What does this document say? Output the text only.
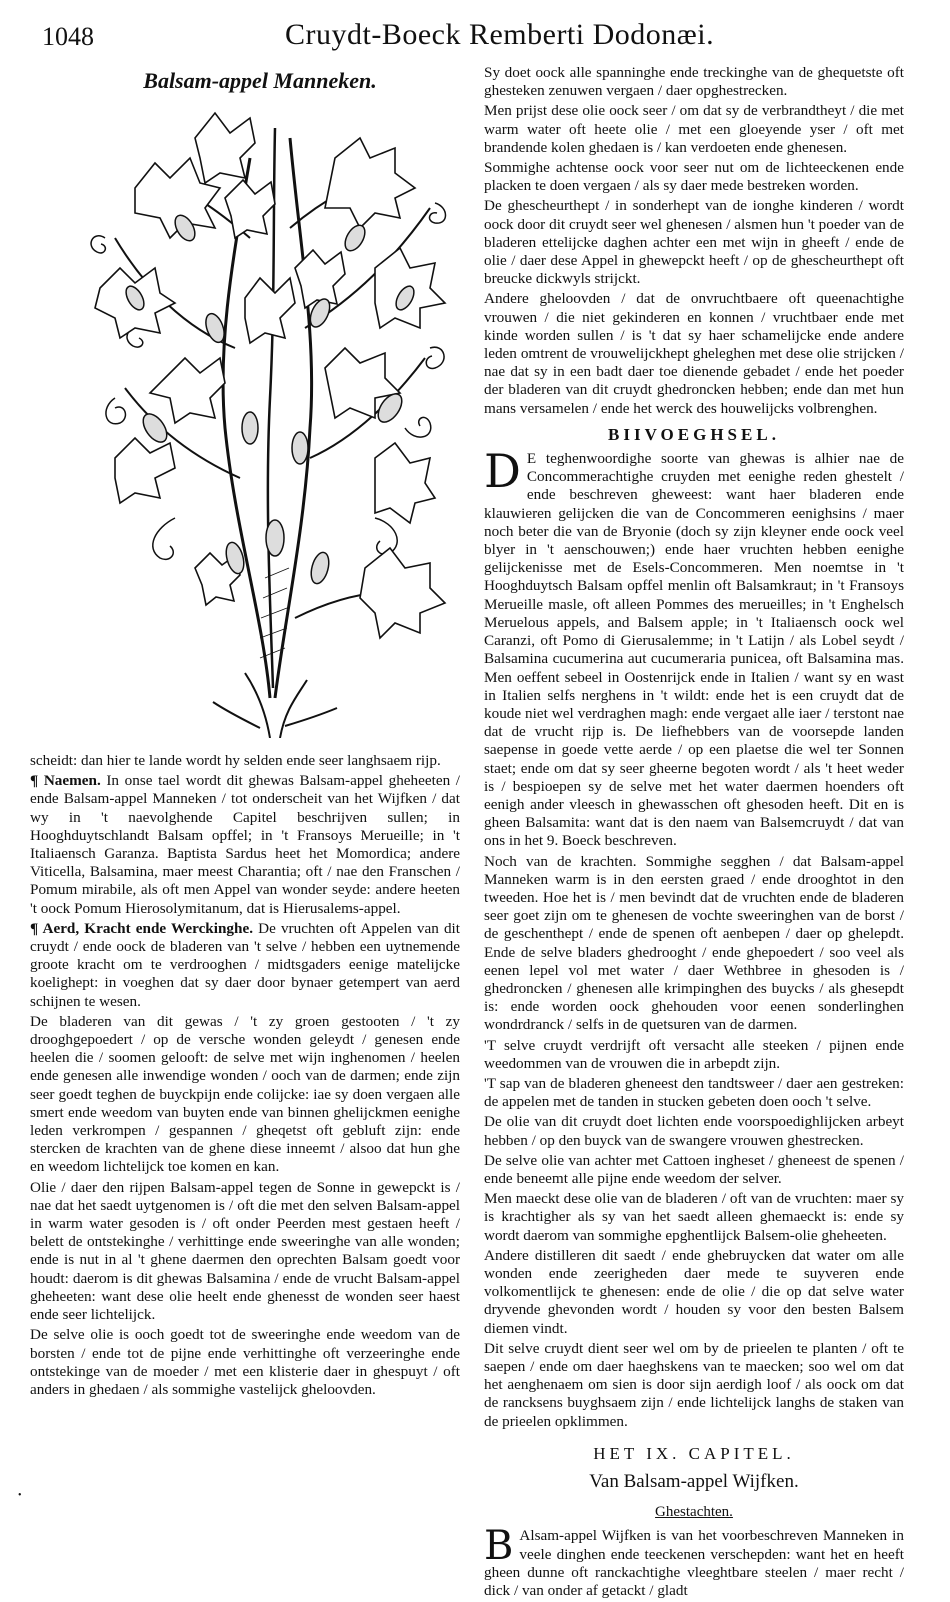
1048	Cruydt-Boeck Remberti Dodonæi.
Balsam-appel Manneken.

scheidt: dan hier te lande wordt hy selden ende seer langhsaem rijp.

¶ Naemen. In onse tael wordt dit ghewas Balsam-appel gheheeten / ende Balsam-appel Manneken / tot onderscheit van het Wijfken / dat wy in 't naevolghende Capitel beschrijven sullen; in Hooghduytschlandt Balsam opffel; in 't Fransoys Merueille; in 't Italiaensch Garanza. Baptista Sardus heet het Momordica; andere Viticella, Balsamina, maer meest Charantia; oft / nae den Franschen / Pomum mirabile, als oft men Appel van wonder seyde: andere heeten 't oock Pomum Hierosolymitanum, dat is Hierusalems-appel.

¶ Aerd, Kracht ende Werckinghe. De vruchten oft Appelen van dit cruydt / ende oock de bladeren van 't selve / hebben een uytnemende groote kracht om te verdrooghen / midtsgaders eenige matelijcke koelighept: in voeghen dat sy daer door bynaer getempert van aerd schijnen te wesen.

De bladeren van dit gewas / 't zy groen gestooten / 't zy drooghgepoedert / op de versche wonden geleydt / genesen ende heelen die / soomen gelooft: de selve met wijn inghenomen / heelen ende genesen alle inwendige wonden / ooch van de darmen; ende zijn seer goedt teghen de buyckpijn ende colijcke: iae sy doen vergaen alle smert ende weedom van buyten ende van binnen ghelijckmen eenighe leden verkrompen / gespannen / gheqetst oft gebluft zijn: ende stercken de krachten van de ghene diese inneemt / alsoo dat hun ghe en weedom lichtelijck toe komen en kan.

Olie / daer den rijpen Balsam-appel tegen de Sonne in gewepckt is / nae dat het saedt uytgenomen is / oft die met den selven Balsam-appel in warm water gesoden is / oft onder Peerden mest gestaen heeft / belett de ontstekinghe / verhittinge ende sweeringhe van alle wonden; ende is nut in al 't ghene daermen den oprechten Balsam goedt voor houdt: daerom is dit ghewas Balsamina / ende de vrucht Balsam-appel gheheeten: want dese olie heelt ende ghenesst de wonden seer haest ende seer lichtelijck.

De selve olie is ooch goedt tot de sweeringhe ende weedom van de borsten / ende tot de pijne ende verhittinghe oft verzeeringhe ende ontstekinge van de moeder / met een klisterie daer in ghespuyt / oft anders in ghedaen / als sommighe vastelijck gheloovden.

Sy doet oock alle spanninghe ende treckinghe van de ghequetste oft ghesteken zenuwen vergaen / daer opghestrecken.

Men prijst dese olie oock seer / om dat sy de verbrandtheyt / die met warm water oft heete olie / met een gloeyende yser / oft met brandende kolen ghedaen is / kan verdoeten ende ghenesen.

Sommighe achtense oock voor seer nut om de lichteeckenen ende placken te doen vergaen / als sy daer mede bestreken worden.

De ghescheurthept / in sonderhept van de ionghe kinderen / wordt oock door dit cruydt seer wel ghenesen / alsmen hun 't poeder van de bladeren ettelijcke daghen achter een met wijn in gheeft / ende de olie / daer dese Appel in ghewepckt heeft / op de ghescheurthept oft breucke dickwyls strijckt.

Andere gheloovden / dat de onvruchtbaere oft queenachtighe vrouwen / die niet gekinderen en konnen / vruchtbaer ende met kinde worden sullen / is 't dat sy haer schamelijcke ende andere leden omtrent de vrouwelijckhept gheleghen met dese olie strijcken / nae dat sy in een badt daer toe dienende gebadet / ende het poeder der bladeren van dit cruydt ghedroncken hebben; ende dan met hun mans versamelen / ende het werck des houwelijcks volbrenghen.

BIIVOEGHSEL.

D E teghenwoordighe soorte van ghewas is alhier nae de Concommerachtighe cruyden met eenighe reden ghestelt / ende beschreven gheweest: want haer bladeren ende klauwieren gelijcken die van de Concommeren eenighsins / maer noch beter die van de Bryonie (doch sy zijn kleyner ende oock veel blyer in 't aenschouwen;) ende haer vruchten hebben eenighe gelijckenisse met de Esels-Concommeren. Men noemtse in 't Hooghduytsch Balsam opffel menlin oft Balsamkraut; in 't Fransoys Merueille masle, oft alleen Pommes des merueilles; in 't Enghelsch Meruelous appels, and Balsem apple; in 't Italiaensch oock wel Caranzi, oft Pomo di Gierusalemme; in 't Latijn / als Lobel seydt / Balsamina cucumerina aut cucumeraria punicea, oft Balsamina mas. Men oeffent sebeel in Oostenrijck ende in Italien / want sy en wast in Italien selfs nerghens in 't wildt: ende het is een cruydt dat de koude niet wel verdraghen magh: ende vergaet alle iaer / terstont nae dat de vrucht rijp is. De liefhebbers van de voorsepde landen saepense in goede vette aerde / op een plaetse die wel ter Sonnen staet; ende om dat sy seer gheerne begoten wordt / als 't heet weder is / bespioepen sy de selve met het water daermen hoenders oft eenigh ander vleesch in ghewasschen oft ghesoden heeft. Dit en is gheen Balsamita: want dat is den naem van Balsemcruydt / dat van ons in het 9. Boeck beschreven.

Noch van de krachten. Sommighe segghen / dat Balsam-appel Manneken warm is in den eersten graed / ende drooghtot in den tweeden. Hoe het is / men bevindt dat de vruchten ende de bladeren seer goet zijn om te ghenesen de vochte sweeringhen van de borst / de geschenthept / ende de spenen oft aenbepen / daer op ghelepdt. Ende de selve bladers ghedrooght / ende ghepoedert / soo veel als eenen lepel vol met water / daer Wethbree in ghesoden is / ghedroncken / ghenesen alle krimpinghen des buycks / als ghesepdt is: ende worden oock ghehouden voor eenen sonderlinghen wondrdranck / selfs in de quetsuren van de darmen.

'T selve cruydt verdrijft oft versacht alle steeken / pijnen ende weedommen van de vrouwen die in arbepdt zijn.

'T sap van de bladeren gheneest den tandtsweer / daer aen gestreken: de appelen met de tanden in stucken gebeten doen ooch 't selve.

De olie van dit cruydt doet lichten ende voorspoedighlijcken arbeyt hebben / op den buyck van de swangere vrouwen ghestrecken.

De selve olie van achter met Cattoen ingheset / gheneest de spenen / ende beneemt alle pijne ende weedom der selver.

Men maeckt dese olie van de bladeren / oft van de vruchten: maer sy is krachtigher als sy van het saedt alleen ghemaeckt is: ende sy wordt daerom van sommighe epghentlijck Balsem-olie gheheeten.

Andere distilleren dit saedt / ende ghebruycken dat water om alle wonden ende zeerigheden daer mede te suyveren ende volkomentlijck te ghenesen: ende de olie / die op dat selve water dryvende ghevonden wordt / houden sy voor den besten Balsem diemen vindt.

Dit selve cruydt dient seer wel om by de prieelen te planten / oft te saepen / ende om daer haeghskens van te maecken; soo wel om dat het aenghenaem om sien is door sijn aerdigh loof / als oock om dat de rancksens buyghsaem zijn / ende lichtelijck langhs de staken van de prieelen opklimmen.

HET IX. CAPITEL.
Van Balsam-appel Wijfken.
Ghestachten.

B Alsam-appel Wijfken is van het voorbeschreven Manneken in veele dinghen ende teeckenen verschepden: want het en heeft gheen dunne oft ranckachtighe vleeghtbare steelen / maer recht / dick / van onder af getackt / gladt

•
